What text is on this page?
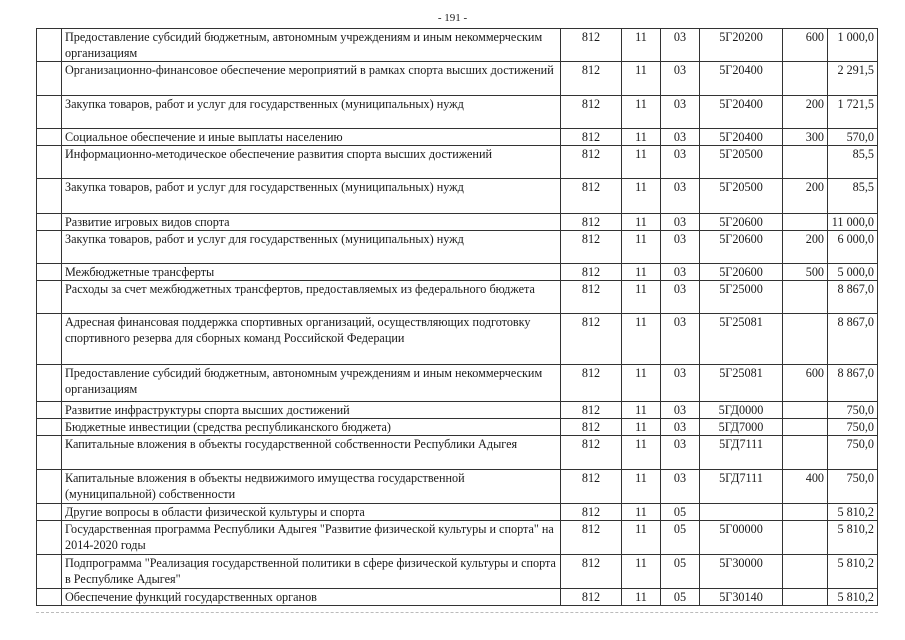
- 191 -
	Предоставление субсидий бюджетным, автономным учреждениям и иным некоммерческим организациям	812	11	03	5Г20200	600	1 000,0
	Организационно-финансовое обеспечение мероприятий в рамках спорта высших достижений	812	11	03	5Г20400		2 291,5
	Закупка товаров, работ и услуг для государственных (муниципальных) нужд	812	11	03	5Г20400	200	1 721,5
	Социальное обеспечение и иные выплаты населению	812	11	03	5Г20400	300	570,0
	Информационно-методическое обеспечение развития спорта высших достижений	812	11	03	5Г20500		85,5
	Закупка товаров, работ и услуг для государственных (муниципальных) нужд	812	11	03	5Г20500	200	85,5
	Развитие игровых видов спорта	812	11	03	5Г20600		11 000,0
	Закупка товаров, работ и услуг для государственных (муниципальных) нужд	812	11	03	5Г20600	200	6 000,0
	Межбюджетные трансферты	812	11	03	5Г20600	500	5 000,0
	Расходы за счет межбюджетных трансфертов, предоставляемых из федерального бюджета	812	11	03	5Г25000		8 867,0
	Адресная финансовая поддержка спортивных организаций, осуществляющих подготовку спортивного резерва для сборных команд Российской Федерации	812	11	03	5Г25081		8 867,0
	Предоставление субсидий бюджетным, автономным учреждениям и иным некоммерческим организациям	812	11	03	5Г25081	600	8 867,0
	Развитие инфраструктуры спорта высших достижений	812	11	03	5ГД0000		750,0
	Бюджетные инвестиции (средства республиканского бюджета)	812	11	03	5ГД7000		750,0
	Капитальные вложения в объекты государственной собственности Республики Адыгея	812	11	03	5ГД7111		750,0
	Капитальные вложения в объекты недвижимого имущества государственной (муниципальной) собственности	812	11	03	5ГД7111	400	750,0
	Другие вопросы в области физической культуры и спорта	812	11	05			5 810,2
	Государственная программа Республики Адыгея "Развитие физической культуры и спорта" на 2014-2020 годы	812	11	05	5Г00000		5 810,2
	Подпрограмма "Реализация государственной политики в сфере физической культуры и спорта в Республике Адыгея"	812	11	05	5Г30000		5 810,2
	Обеспечение функций государственных органов	812	11	05	5Г30140		5 810,2
